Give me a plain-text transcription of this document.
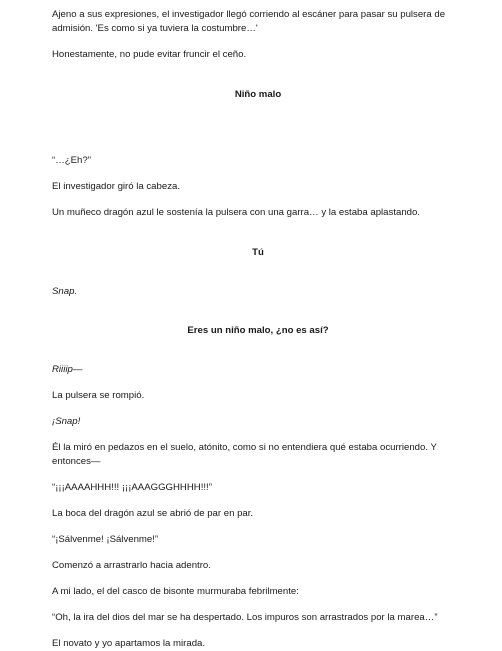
Ajeno a sus expresiones, el investigador llegó corriendo al escáner para pasar su pulsera de admisión. 'Es como si ya tuviera la costumbre…'

Honestamente, no pude evitar fruncir el ceño.

Niño malo

“…¿Eh?”

El investigador giró la cabeza.

Un muñeco dragón azul le sostenía la pulsera con una garra… y la estaba aplastando.

Tú

Snap.

Eres un niño malo, ¿no es así?

Riiiip—

La pulsera se rompió.

¡Snap!

Él la miró en pedazos en el suelo, atónito, como si no entendiera qué estaba ocurriendo. Y entonces—

“¡¡¡AAAAHHH!!! ¡¡¡AAAGGGHHHH!!!”

La boca del dragón azul se abrió de par en par.

“¡Sálvenme! ¡Sálvenme!”

Comenzó a arrastrarlo hacia adentro.

A mi lado, el del casco de bisonte murmuraba febrilmente:

“Oh, la ira del dios del mar se ha despertado. Los impuros son arrastrados por la marea…”

El novato y yo apartamos la mirada.
